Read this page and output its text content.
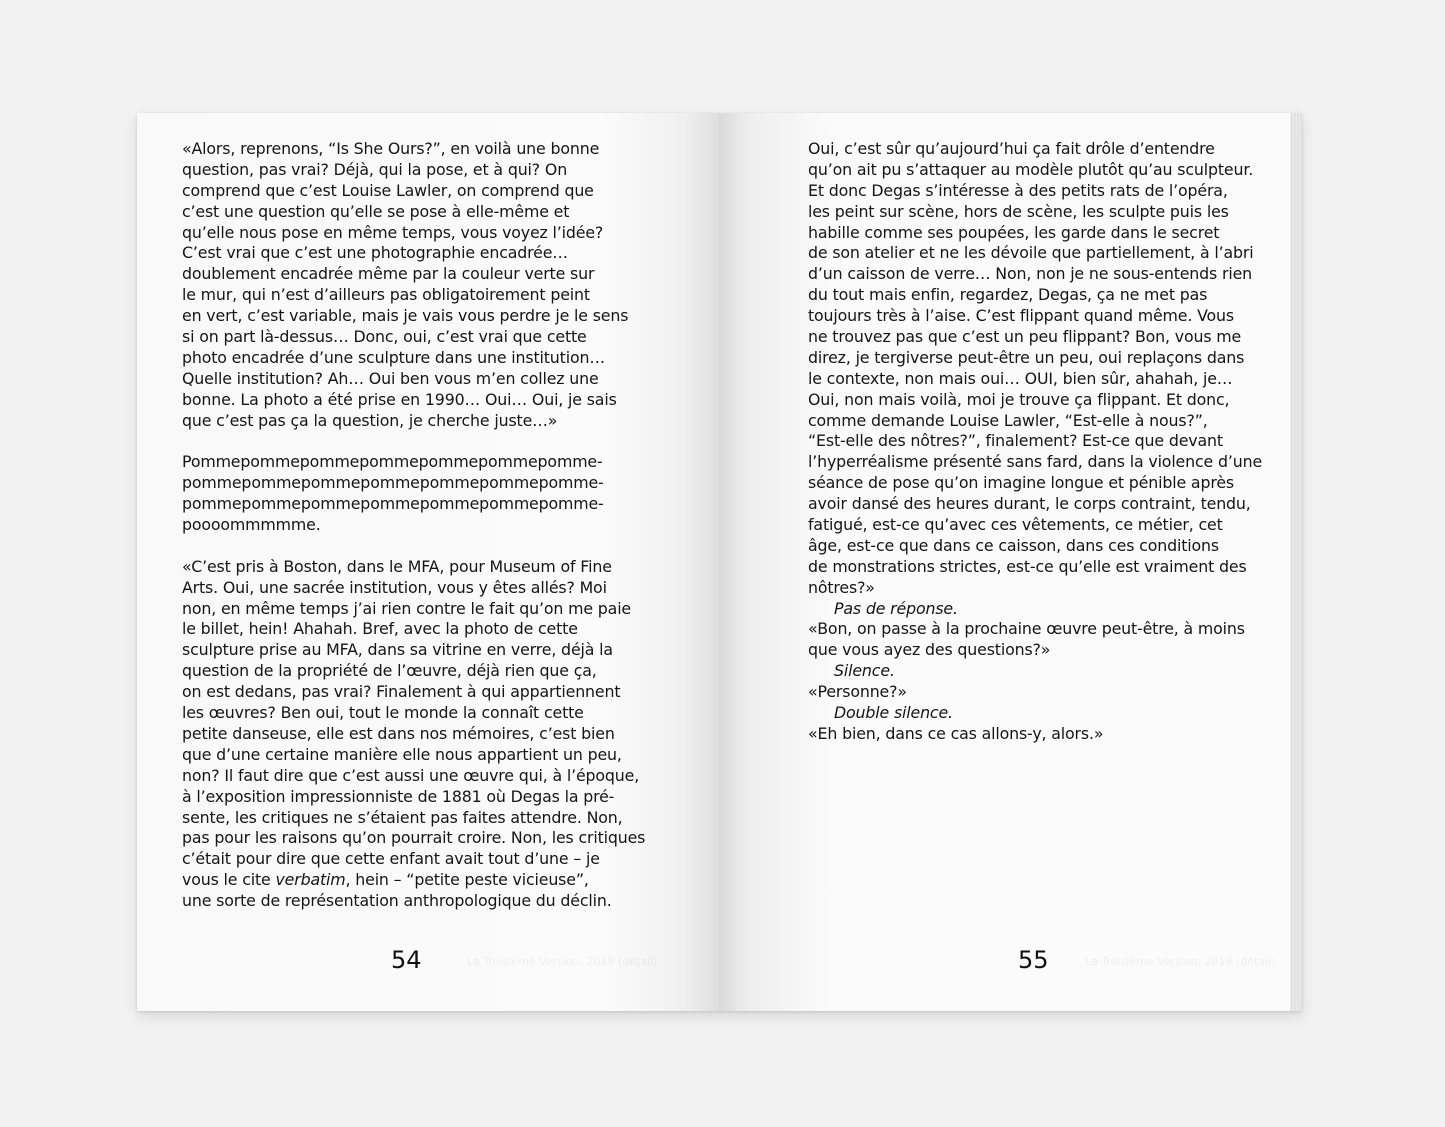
«Alors, reprenons, “Is She Ours?”, en voilà une bonne
question, pas vrai? Déjà, qui la pose, et à qui? On
comprend que c’est Louise Lawler, on comprend que
c’est une question qu’elle se pose à elle-même et
qu’elle nous pose en même temps, vous voyez l’idée?
C’est vrai que c’est une photographie encadrée…
doublement encadrée même par la couleur verte sur
le mur, qui n’est d’ailleurs pas obligatoirement peint
en vert, c’est variable, mais je vais vous perdre je le sens
si on part là-dessus… Donc, oui, c’est vrai que cette
photo encadrée d’une sculpture dans une institution…
Quelle institution? Ah… Oui ben vous m’en collez une
bonne. La photo a été prise en 1990… Oui… Oui, je sais
que c’est pas ça la question, je cherche juste…»
Pommepommepommepommepommepommepomme-
pommepommepommepommepommepommepomme-
pommepommepommepommepommepommepomme-
poooommmmme.
«C’est pris à Boston, dans le MFA, pour Museum of Fine
Arts. Oui, une sacrée institution, vous y êtes allés? Moi
non, en même temps j’ai rien contre le fait qu’on me paie
le billet, hein! Ahahah. Bref, avec la photo de cette
sculpture prise au MFA, dans sa vitrine en verre, déjà la
question de la propriété de l’œuvre, déjà rien que ça,
on est dedans, pas vrai? Finalement à qui appartiennent
les œuvres? Ben oui, tout le monde la connaît cette
petite danseuse, elle est dans nos mémoires, c’est bien
que d’une certaine manière elle nous appartient un peu,
non? Il faut dire que c’est aussi une œuvre qui, à l’époque,
à l’exposition impressionniste de 1881 où Degas la pré-
sente, les critiques ne s’étaient pas faites attendre. Non,
pas pour les raisons qu’on pourrait croire. Non, les critiques
c’était pour dire que cette enfant avait tout d’une – je
vous le cite verbatim, hein – “petite peste vicieuse”,
une sorte de représentation anthropologique du déclin.
La Troisième Version, 2018 (détail)
54
Oui, c’est sûr qu’aujourd’hui ça fait drôle d’entendre
qu’on ait pu s’attaquer au modèle plutôt qu’au sculpteur.
Et donc Degas s’intéresse à des petits rats de l’opéra,
les peint sur scène, hors de scène, les sculpte puis les
habille comme ses poupées, les garde dans le secret
de son atelier et ne les dévoile que partiellement, à l’abri
d’un caisson de verre… Non, non je ne sous-entends rien
du tout mais enfin, regardez, Degas, ça ne met pas
toujours très à l’aise. C’est flippant quand même. Vous
ne trouvez pas que c’est un peu flippant? Bon, vous me
direz, je tergiverse peut-être un peu, oui replaçons dans
le contexte, non mais oui… OUI, bien sûr, ahahah, je…
Oui, non mais voilà, moi je trouve ça flippant. Et donc,
comme demande Louise Lawler, “Est-elle à nous?”,
“Est-elle des nôtres?”, finalement? Est-ce que devant
l’hyperréalisme présenté sans fard, dans la violence d’une
séance de pose qu’on imagine longue et pénible après
avoir dansé des heures durant, le corps contraint, tendu,
fatigué, est-ce qu’avec ces vêtements, ce métier, cet
âge, est-ce que dans ce caisson, dans ces conditions
de monstrations strictes, est-ce qu’elle est vraiment des
nôtres?»
Pas de réponse.
«Bon, on passe à la prochaine œuvre peut-être, à moins
que vous ayez des questions?»
Silence.
«Personne?»
Double silence.
«Eh bien, dans ce cas allons-y, alors.»
La Troisième Version, 2018 (détail)
55
